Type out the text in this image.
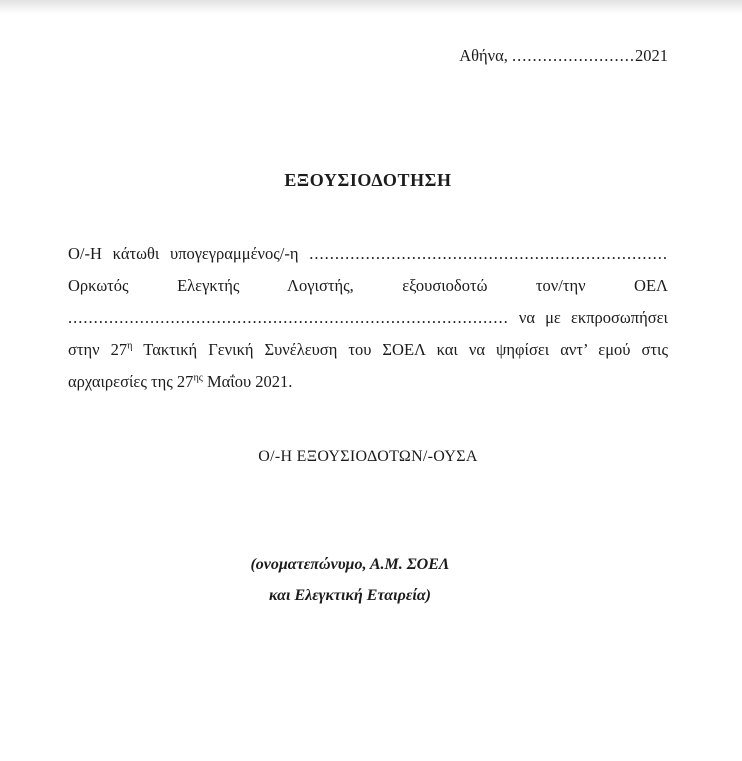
Αθήνα, ........................2021
ΕΞΟΥΣΙΟΔΟΤΗΣΗ
Ο/-Η κάτωθι υπογεγραμμένος/-η ......................................................................
Ορκωτός Ελεγκτής Λογιστής, εξουσιοδοτώ τον/την ΟΕΛ
...................................................................................... να με εκπροσωπήσει
στην $27^\eta$ Τακτική Γενική Συνέλευση του ΣΟΕΛ και να ψηφίσει αντ’ εμού στις
αρχαιρεσίες της $27^{\eta\varsigma}$ Μαΐου 2021.
Ο/-Η ΕΞΟΥΣΙΟΔΟΤΩΝ/-ΟΥΣΑ
(ονοματεπώνυμο, Α.Μ. ΣΟΕΛ
και Ελεγκτική Εταιρεία)
